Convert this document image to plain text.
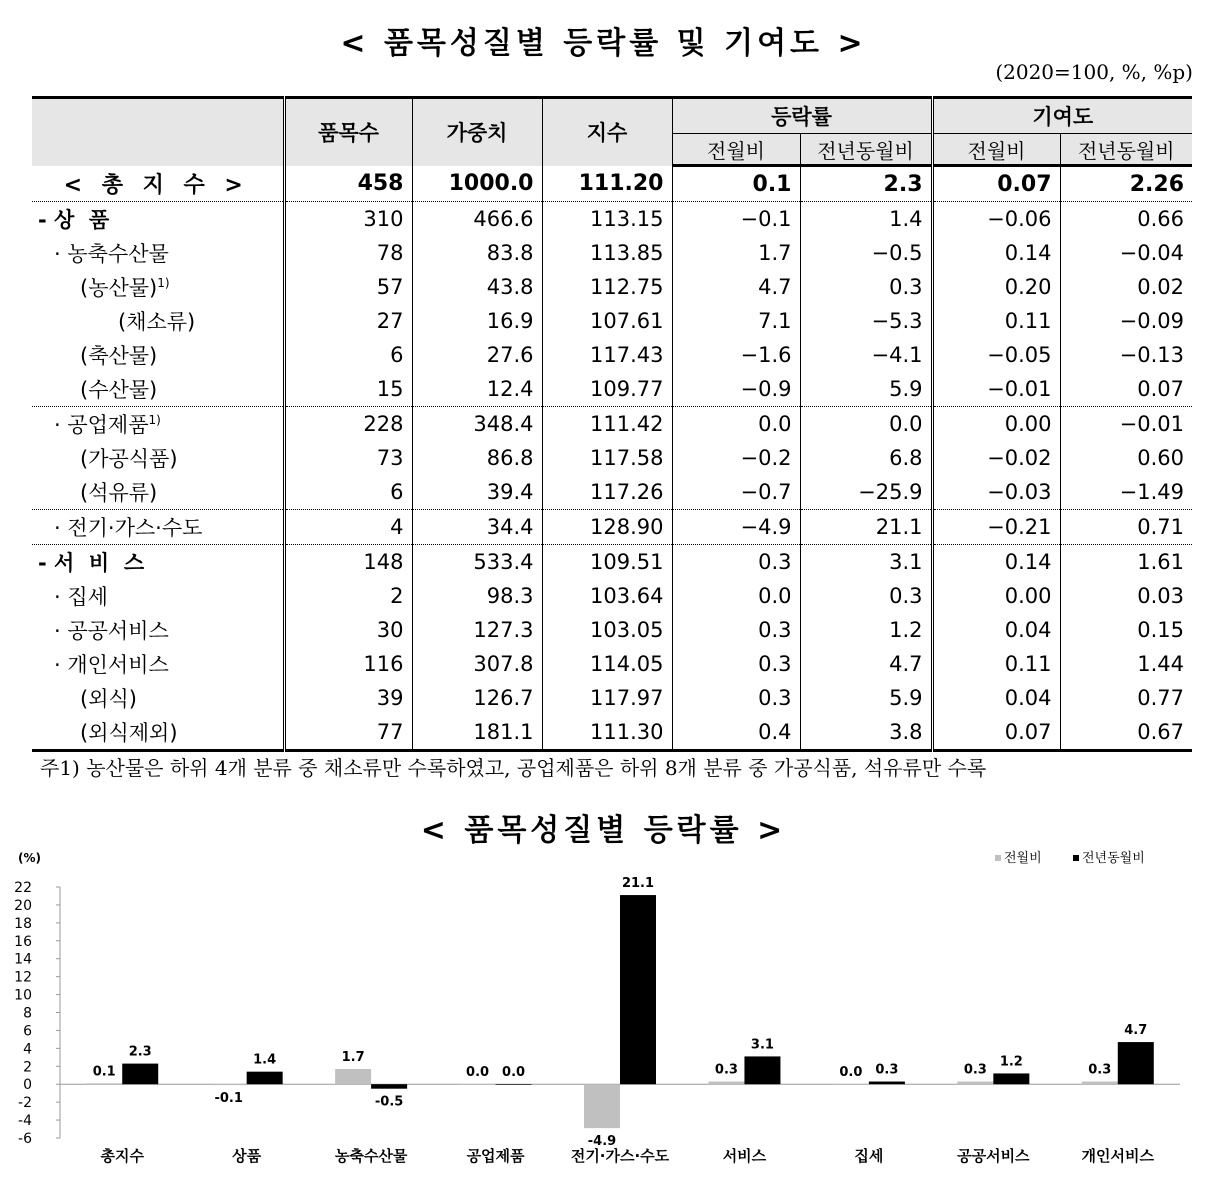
< 품목성질별 등락률 및 기여도 >
(2020=100, %, %p)
	품목수	가중치	지수	등락률		기여도	
				전월비	전년동월비	전월비	전년동월비
< 총 지 수 >	458	1000.0	111.20	0.1	2.3	0.07	2.26
- 상  품	310	466.6	113.15	−0.1	1.4	−0.06	0.66
· 농축수산물	78	83.8	113.85	1.7	−0.5	0.14	−0.04
(농산물)$^{1)}$	57	43.8	112.75	4.7	0.3	0.20	0.02
(채소류)	27	16.9	107.61	7.1	−5.3	0.11	−0.09
(축산물)	6	27.6	117.43	−1.6	−4.1	−0.05	−0.13
(수산물)	15	12.4	109.77	−0.9	5.9	−0.01	0.07
· 공업제품$^{1)}$	228	348.4	111.42	0.0	0.0	0.00	−0.01
(가공식품)	73	86.8	117.58	−0.2	6.8	−0.02	0.60
(석유류)	6	39.4	117.26	−0.7	−25.9	−0.03	−1.49
· 전기·가스·수도	4	34.4	128.90	−4.9	21.1	−0.21	0.71
- 서  비  스	148	533.4	109.51	0.3	3.1	0.14	1.61
· 집세	2	98.3	103.64	0.0	0.3	0.00	0.03
· 공공서비스	30	127.3	103.05	0.3	1.2	0.04	0.15
· 개인서비스	116	307.8	114.05	0.3	4.7	0.11	1.44
(외식)	39	126.7	117.97	0.3	5.9	0.04	0.77
(외식제외)	77	181.1	111.30	0.4	3.8	0.07	0.67
주1) 농산물은 하위 4개 분류 중 채소류만 수록하였고, 공업제품은 하위 8개 분류 중 가공식품, 석유류만 수록
< 품목성질별 등락률 >
22
20
18
16
14
12
10
8
6
4
2
0
-2
-4
-6
(%)	전월비	전년동월비
0.1
2.3
총지수
-0.1
1.4
상품
1.7
-0.5
농축수산물
0.0 0.0
공업제품
-4.9
21.1
전기·가스·수도
0.3
3.1
서비스
0.0 0.3
집세
0.3
1.2
공공서비스
0.3
4.7
개인서비스
